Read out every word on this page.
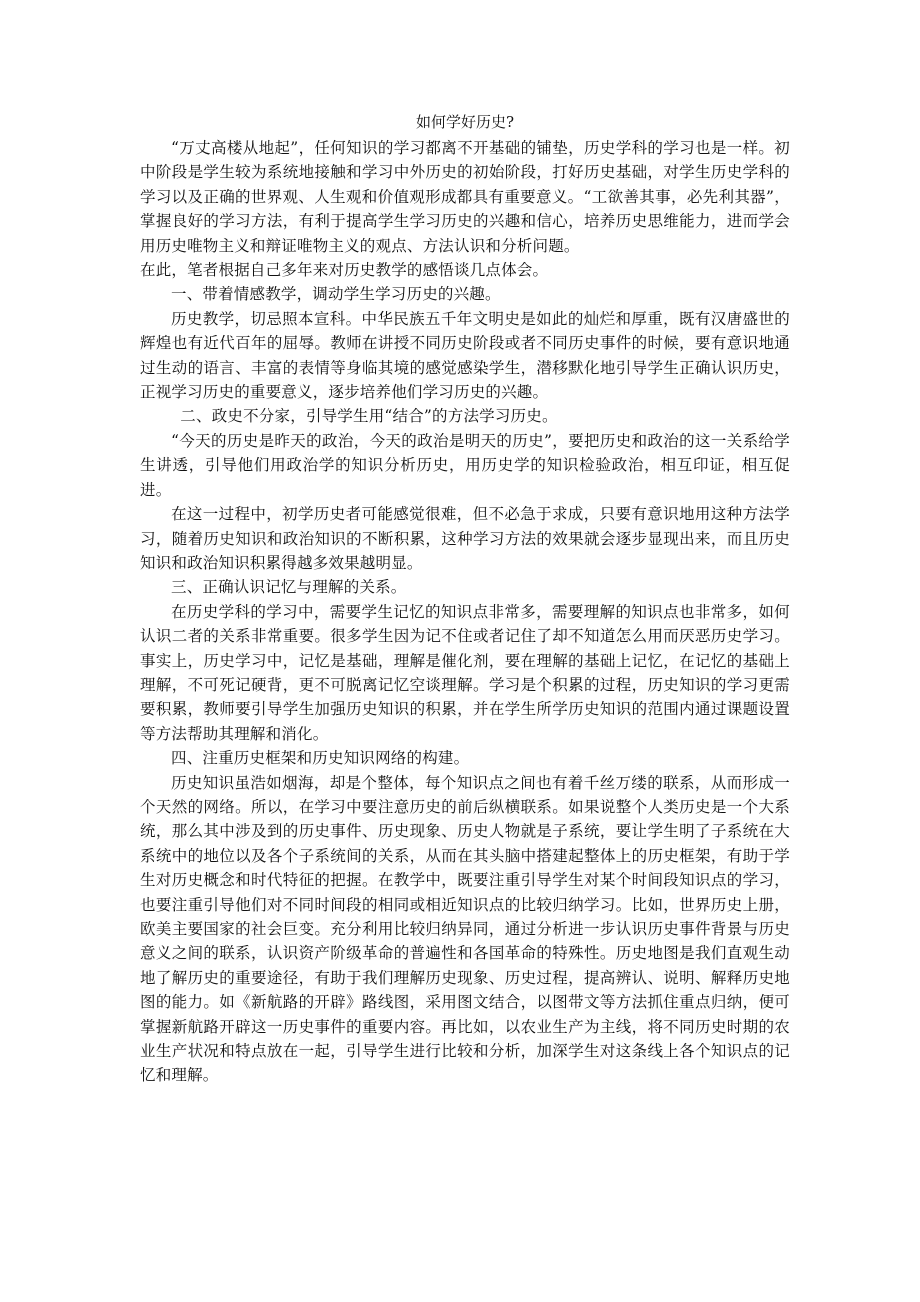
如何学好历史?

“万丈高楼从地起”，任何知识的学习都离不开基础的铺垫，历史学科的学习也是一样。初中阶段是学生较为系统地接触和学习中外历史的初始阶段，打好历史基础，对学生历史学科的学习以及正确的世界观、人生观和价值观形成都具有重要意义。“工欲善其事，必先利其器”，掌握良好的学习方法，有利于提高学生学习历史的兴趣和信心，培养历史思维能力，进而学会用历史唯物主义和辩证唯物主义的观点、方法认识和分析问题。

在此，笔者根据自己多年来对历史教学的感悟谈几点体会。

一、带着情感教学，调动学生学习历史的兴趣。

历史教学，切忌照本宣科。中华民族五千年文明史是如此的灿烂和厚重，既有汉唐盛世的辉煌也有近代百年的屈辱。教师在讲授不同历史阶段或者不同历史事件的时候，要有意识地通过生动的语言、丰富的表情等身临其境的感觉感染学生，潜移默化地引导学生正确认识历史，正视学习历史的重要意义，逐步培养他们学习历史的兴趣。

二、政史不分家，引导学生用“结合”的方法学习历史。

“今天的历史是昨天的政治，今天的政治是明天的历史”，要把历史和政治的这一关系给学生讲透，引导他们用政治学的知识分析历史，用历史学的知识检验政治，相互印证，相互促进。

在这一过程中，初学历史者可能感觉很难，但不必急于求成，只要有意识地用这种方法学习，随着历史知识和政治知识的不断积累，这种学习方法的效果就会逐步显现出来，而且历史知识和政治知识积累得越多效果越明显。

三、正确认识记忆与理解的关系。

在历史学科的学习中，需要学生记忆的知识点非常多，需要理解的知识点也非常多，如何认识二者的关系非常重要。很多学生因为记不住或者记住了却不知道怎么用而厌恶历史学习。事实上，历史学习中，记忆是基础，理解是催化剂，要在理解的基础上记忆，在记忆的基础上理解，不可死记硬背，更不可脱离记忆空谈理解。学习是个积累的过程，历史知识的学习更需要积累，教师要引导学生加强历史知识的积累，并在学生所学历史知识的范围内通过课题设置等方法帮助其理解和消化。

四、注重历史框架和历史知识网络的构建。

历史知识虽浩如烟海，却是个整体，每个知识点之间也有着千丝万缕的联系，从而形成一个天然的网络。所以，在学习中要注意历史的前后纵横联系。如果说整个人类历史是一个大系统，那么其中涉及到的历史事件、历史现象、历史人物就是子系统，要让学生明了子系统在大系统中的地位以及各个子系统间的关系，从而在其头脑中搭建起整体上的历史框架，有助于学生对历史概念和时代特征的把握。在教学中，既要注重引导学生对某个时间段知识点的学习，也要注重引导他们对不同时间段的相同或相近知识点的比较归纳学习。比如，世界历史上册，欧美主要国家的社会巨变。充分利用比较归纳异同，通过分析进一步认识历史事件背景与历史意义之间的联系，认识资产阶级革命的普遍性和各国革命的特殊性。历史地图是我们直观生动地了解历史的重要途径，有助于我们理解历史现象、历史过程，提高辨认、说明、解释历史地图的能力。如《新航路的开辟》路线图，采用图文结合，以图带文等方法抓住重点归纳，便可掌握新航路开辟这一历史事件的重要内容。再比如，以农业生产为主线，将不同历史时期的农业生产状况和特点放在一起，引导学生进行比较和分析，加深学生对这条线上各个知识点的记忆和理解。
